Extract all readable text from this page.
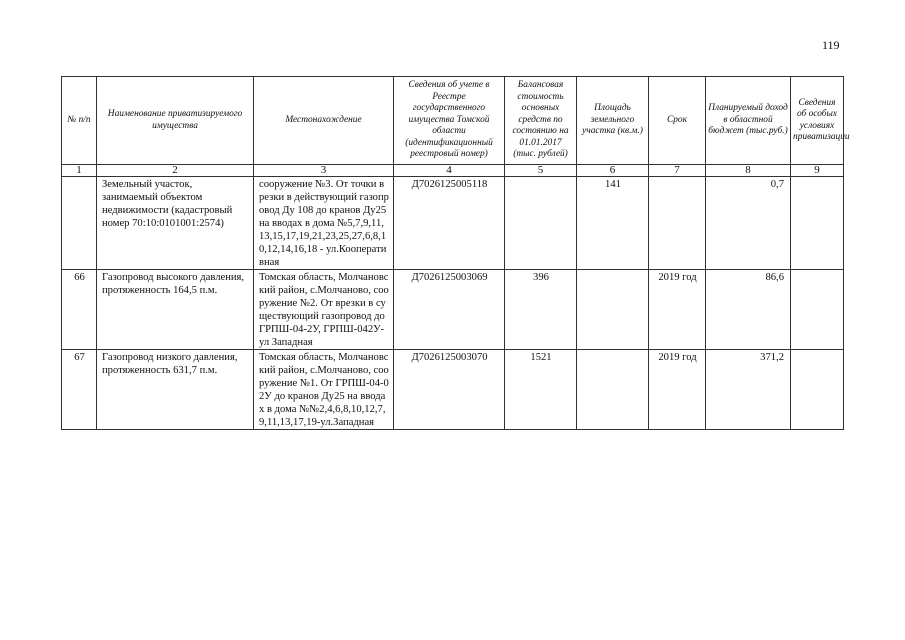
119
№ п/п	Наименование приватизируемого имущества	Местонахождение	Сведения об учете в Реестре государственного имущества Томской области (идентификационный реестровый номер)	Балансовая стоимость основных средств по состоянию на 01.01.2017 (тыс. рублей)	Площадь земельного участка (кв.м.)	Срок	Планируемый доход в областной бюджет (тыс.руб.)	Сведения об особых условиях приватизации
1	2	3	4	5	6	7	8	9
	Земельный участок, занимаемый объектом недвижимости (кадастровый номер 70:10:0101001:2574)	сооружение №3. От точки врезки в действующий газопровод Ду 108 до кранов Ду25 на вводах в дома №5,7,9,11,13,15,17,19,21,23,25,27,6,8,10,12,14,16,18 - ул.Кооперативная	Д7026125005118		141		0,7	
66	Газопровод высокого давления, протяженность 164,5 п.м.	Томская область, Молчановский район, с.Молчаново, сооружение №2. От врезки в существующий газопровод до ГРПШ-04-2У, ГРПШ-042У-ул Западная	Д7026125003069	396		2019 год	86,6	
67	Газопровод низкого давления, протяженность 631,7 п.м.	Томская область, Молчановский район, с.Молчаново, сооружение №1. От ГРПШ-04-02У до кранов Ду25 на вводах в дома №№2,4,6,8,10,12,7,9,11,13,17,19-ул.Западная	Д7026125003070	1521		2019 год	371,2	
